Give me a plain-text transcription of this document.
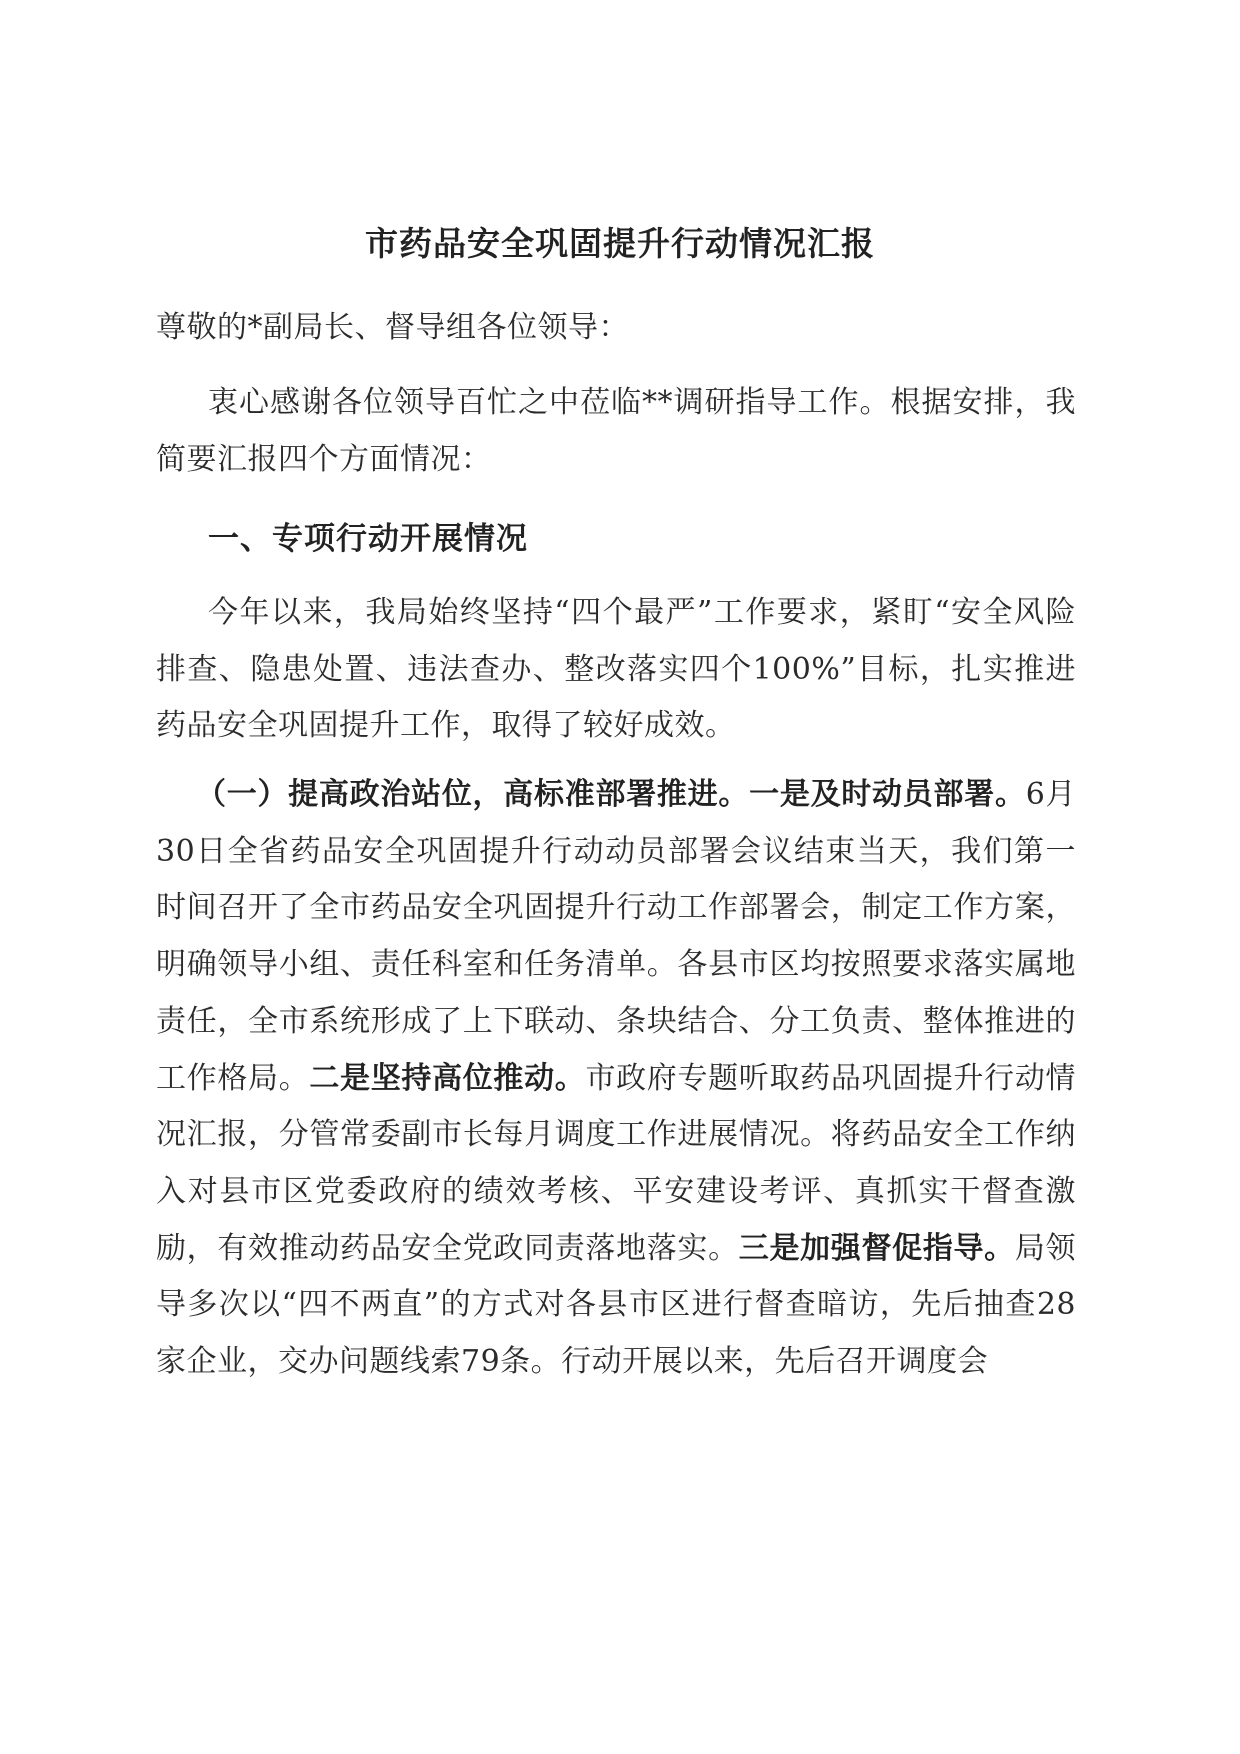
市药品安全巩固提升行动情况汇报
尊敬的*副局长、督导组各位领导：
衷心感谢各位领导百忙之中莅临**调研指导工作。根据安排，我简要汇报四个方面情况：
一、专项行动开展情况
今年以来，我局始终坚持“四个最严”工作要求，紧盯“安全风险排查、隐患处置、违法查办、整改落实四个100%”目标，扎实推进药品安全巩固提升工作，取得了较好成效。
（一）提高政治站位，高标准部署推进。一是及时动员部署。6月30日全省药品安全巩固提升行动动员部署会议结束当天，我们第一时间召开了全市药品安全巩固提升行动工作部署会，制定工作方案，明确领导小组、责任科室和任务清单。各县市区均按照要求落实属地责任，全市系统形成了上下联动、条块结合、分工负责、整体推进的工作格局。二是坚持高位推动。市政府专题听取药品巩固提升行动情况汇报，分管常委副市长每月调度工作进展情况。将药品安全工作纳入对县市区党委政府的绩效考核、平安建设考评、真抓实干督查激励，有效推动药品安全党政同责落地落实。三是加强督促指导。局领导多次以“四不两直”的方式对各县市区进行督查暗访，先后抽查28家企业，交办问题线索79条。行动开展以来，先后召开调度会
